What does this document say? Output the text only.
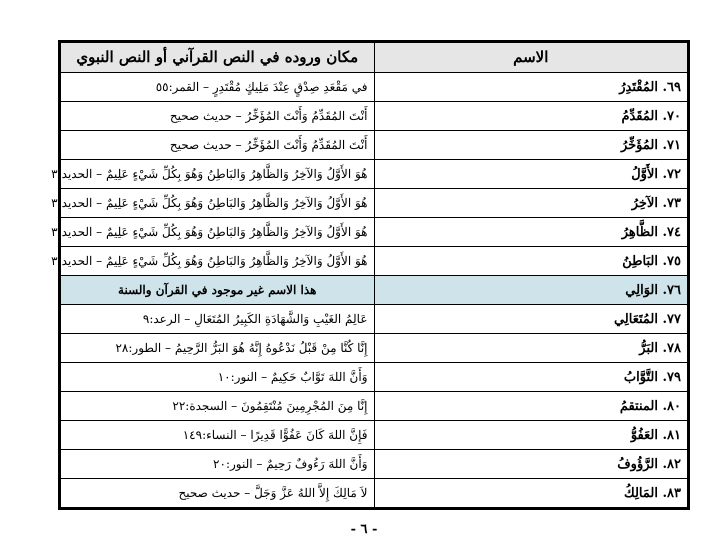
الاسم	مكان وروده في النص القرآني أو النص النبوي
٦٩. المُقْتَدِرُ	في مَقْعَدِ صِدْقٍ عِنْدَ مَلِيكٍ مُقْتَدِرٍ – القمر:٥٥
٧٠. المُقَدِّمُ	أَنْتَ المُقَدِّمُ وَأَنْتَ المُؤَخِّرُ – حديث صحيح
٧١. المُؤَخِّرُ	أَنْتَ المُقَدِّمُ وَأَنْتَ المُؤَخِّرُ – حديث صحيح
٧٢. الأَوَّلُ	هُوَ الأَوَّلُ وَالآخِرُ وَالظَّاهِرُ وَالبَاطِنُ وَهُوَ بِكُلِّ شَيْءٍ عَلِيمٌ – الحديد:٣
٧٣. الآخِرُ	هُوَ الأَوَّلُ وَالآخِرُ وَالظَّاهِرُ وَالبَاطِنُ وَهُوَ بِكُلِّ شَيْءٍ عَلِيمٌ – الحديد:٣
٧٤. الظَّاهِرُ	هُوَ الأَوَّلُ وَالآخِرُ وَالظَّاهِرُ وَالبَاطِنُ وَهُوَ بِكُلِّ شَيْءٍ عَلِيمٌ – الحديد:٣
٧٥. البَاطِنُ	هُوَ الأَوَّلُ وَالآخِرُ وَالظَّاهِرُ وَالبَاطِنُ وَهُوَ بِكُلِّ شَيْءٍ عَلِيمٌ – الحديد:٣
٧٦. الوَالِي	هذا الاسم غير موجود في القرآن والسنة
٧٧. المُتَعَالِي	عَالِمُ الغَيْبِ وَالشَّهَادَةِ الكَبِيرُ المُتَعَالِ – الرعد:٩
٧٨. البَرُّ	إِنَّا كُنَّا مِنْ قَبْلُ نَدْعُوهُ إِنَّهُ هُوَ البَرُّ الرَّحِيمُ – الطور:٢٨
٧٩. التَّوَّابُ	وَأَنَّ اللهَ تَوَّابٌ حَكِيمٌ – النور:١٠
٨٠. المنتقمُ	إِنَّا مِنَ المُجْرِمِينَ مُنْتَقِمُونَ – السجدة:٢٢
٨١. العَفُوُّ	فَإِنَّ اللهَ كَانَ عَفُوًّا قَدِيرًا – النساء:١٤٩
٨٢. الرَّؤُوفُ	وَأَنَّ اللهَ رَءُوفٌ رَحِيمٌ – النور:٢٠
٨٣. المَالِكُ	لاَ مَالِكَ إِلاَّ اللهُ عَزَّ وَجَلَّ – حديث صحيح
- ٦ -
